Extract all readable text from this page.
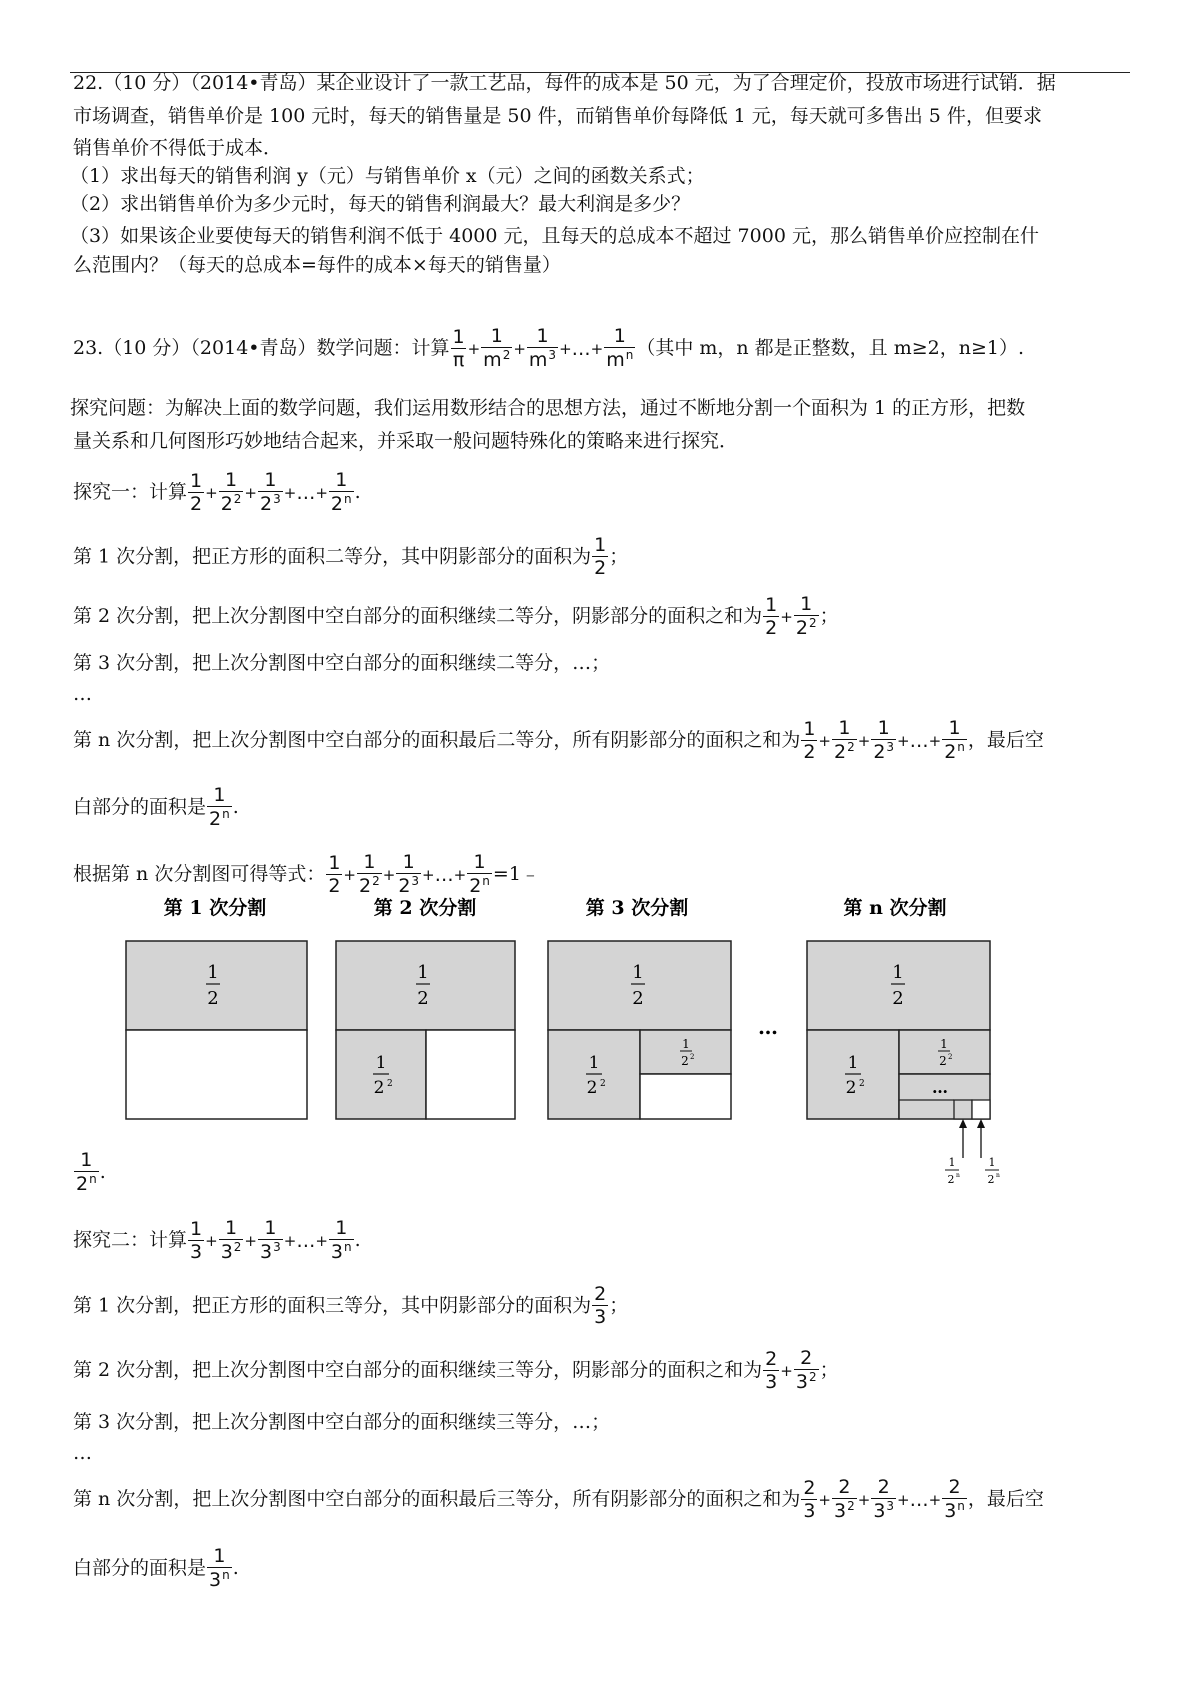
22.（10 分）（2014•青岛）某企业设计了一款工艺品，每件的成本是 50 元，为了合理定价，投放市场进行试销．据
市场调查，销售单价是 100 元时，每天的销售量是 50 件，而销售单价每降低 1 元，每天就可多售出 5 件，但要求
销售单价不得低于成本．
（1）求出每天的销售利润 y（元）与销售单价 x（元）之间的函数关系式；
（2）求出销售单价为多少元时，每天的销售利润最大？最大利润是多少？
（3）如果该企业要使每天的销售利润不低于 4000 元，且每天的总成本不超过 7000 元，那么销售单价应控制在什
么范围内？（每天的总成本=每件的成本×每天的销售量）
23.（10 分）（2014•青岛）数学问题：计算 $\frac{1}{\pi} + \frac{1}{m^2} + \frac{1}{m^3}$ +…+ $\frac{1}{m^n}$ （其中 m，n 都是正整数，且 m≥2，n≥1）.
探究问题：为解决上面的数学问题，我们运用数形结合的思想方法，通过不断地分割一个面积为 1 的正方形，把数
量关系和几何图形巧妙地结合起来，并采取一般问题特殊化的策略来进行探究．
探究一：计算 $\frac{1}{2} + \frac{1}{2^2} + \frac{1}{2^3}$ +…+ $\frac{1}{2^n}$ .
第 1 次分割，把正方形的面积二等分，其中阴影部分的面积为 $\frac{1}{2}$ ；
第 2 次分割，把上次分割图中空白部分的面积继续二等分，阴影部分的面积之和为 $\frac{1}{2} + \frac{1}{2^2}$ ；
第 3 次分割，把上次分割图中空白部分的面积继续二等分，…；
…
第 n 次分割，把上次分割图中空白部分的面积最后二等分，所有阴影部分的面积之和为 $\frac{1}{2} + \frac{1}{2^2} + \frac{1}{2^3}$ +…+ $\frac{1}{2^n}$ ，最后空
白部分的面积是 $\frac{1}{2^n}$ .
根据第 n 次分割图可得等式： $\frac{1}{2} + \frac{1}{2^2} + \frac{1}{2^3}$ +…+ $\frac{1}{2^n}$ =1﹣
第 1 次分割	第 2 次分割	第 3 次分割	第 n 次分割
1
2
1
2
1
2 2
1
2
1
2 2
1
2 2
…
1
2
1
2 2
1
2 2
…
1
2 n
1
2 n
$\frac{1}{2^n}$ .
探究二：计算 $\frac{1}{3} + \frac{1}{3^2} + \frac{1}{3^3}$ +…+ $\frac{1}{3^n}$ .
第 1 次分割，把正方形的面积三等分，其中阴影部分的面积为 $\frac{2}{3}$ ；
第 2 次分割，把上次分割图中空白部分的面积继续三等分，阴影部分的面积之和为 $\frac{2}{3} + \frac{2}{3^2}$ ；
第 3 次分割，把上次分割图中空白部分的面积继续三等分，…；
…
第 n 次分割，把上次分割图中空白部分的面积最后三等分，所有阴影部分的面积之和为 $\frac{2}{3} + \frac{2}{3^2} + \frac{2}{3^3}$ +…+ $\frac{2}{3^n}$ ，最后空
白部分的面积是 $\frac{1}{3^n}$ .
